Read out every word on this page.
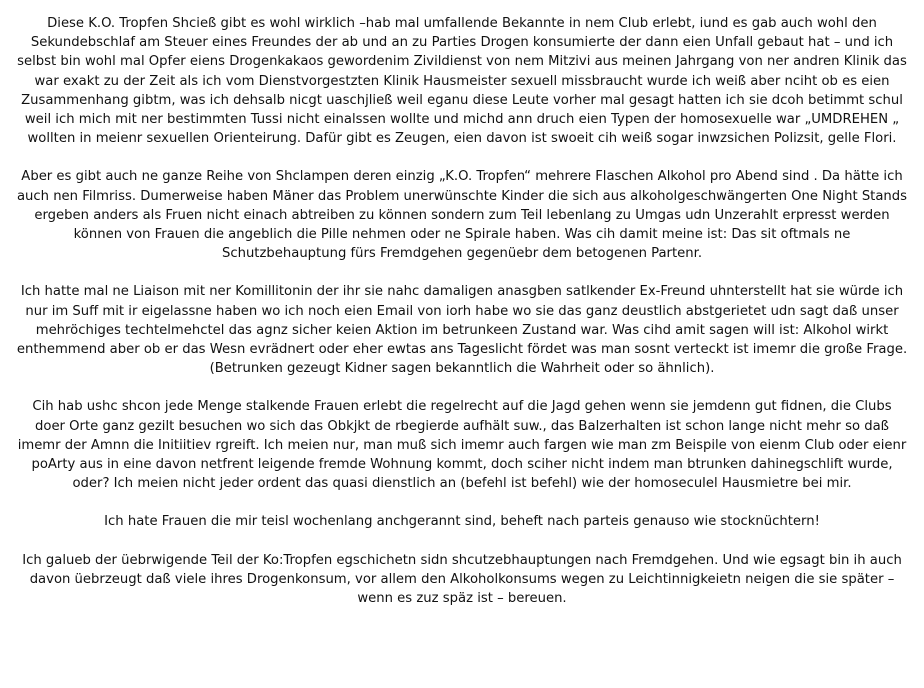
Diese K.O. Tropfen Shcieß gibt es wohl wirklich –hab mal umfallende Bekannte in nem Club erlebt, iund es gab auch wohl den Sekundebschlaf am Steuer eines Freundes der ab und an zu Parties Drogen konsumierte der dann eien Unfall gebaut hat – und ich selbst bin wohl mal Opfer eiens Drogenkakaos gewordenim Zivildienst von nem Mitzivi aus meinen Jahrgang von ner andren Klinik das war exakt zu der Zeit als ich vom Dienstvorgestzten Klinik Hausmeister sexuell missbraucht wurde ich weiß aber nciht ob es eien Zusammenhang gibtm, was ich dehsalb nicgt uaschjließ weil eganu diese Leute vorher mal gesagt hatten ich sie dcoh betimmt schul weil ich mich mit ner bestimmten Tussi nicht einalssen wollte und michd ann druch eien Typen der homosexuelle war „UMDREHEN „ wollten in meienr sexuellen Orienteirung. Dafür gibt es Zeugen, eien davon ist swoeit cih weiß sogar inwzsichen Polizsit, gelle Flori.

Aber es gibt auch ne ganze Reihe von Shclampen deren einzig „K.O. Tropfen“ mehrere Flaschen Alkohol pro Abend sind . Da hätte ich auch nen Filmriss. Dumerweise haben Mäner das Problem unerwünschte Kinder die sich aus alkoholgeschwängerten One Night Stands ergeben anders als Fruen nicht einach abtreiben zu können sondern zum Teil lebenlang zu Umgas udn Unzerahlt erpresst werden können von Frauen die angeblich die Pille nehmen oder ne Spirale haben. Was cih damit meine ist: Das sit oftmals ne Schutzbehauptung fürs Fremdgehen gegenüebr dem betogenen Partenr.

Ich hatte mal ne Liaison mit ner Komillitonin der ihr sie nahc damaligen anasgben satlkender Ex-Freund uhnterstellt hat sie würde ich nur im Suff mit ir eigelassne haben wo ich noch eien Email von iorh habe wo sie das ganz deustlich abstgerietet udn sagt daß unser mehröchiges techtelmehctel das agnz sicher keien Aktion im betrunkeen Zustand war. Was cihd amit sagen will ist: Alkohol wirkt enthemmend aber ob er das Wesn evrädnert oder eher ewtas ans Tageslicht fördet was man sosnt verteckt ist imemr die große Frage. (Betrunken gezeugt Kidner sagen bekanntlich die Wahrheit oder so ähnlich).

Cih hab ushc shcon jede Menge stalkende Frauen erlebt die regelrecht auf die Jagd gehen wenn sie jemdenn gut fidnen, die Clubs doer Orte ganz gezilt besuchen wo sich das Obkjkt de rbegierde aufhält suw., das Balzerhalten ist schon lange nicht mehr so daß imemr der Amnn die Initiitiev rgreift. Ich meien nur, man muß sich imemr auch fargen wie man zm Beispile von eienm Club oder eienr poArty aus in eine davon netfrent leigende fremde Wohnung kommt, doch sciher nicht indem man btrunken dahinegschlift wurde, oder? Ich meien nicht jeder ordent das quasi dienstlich an (befehl ist befehl) wie der homoseculel Hausmietre bei mir.

Ich hate Frauen die mir teisl wochenlang anchgerannt sind, beheft nach parteis genauso wie stocknüchtern!

Ich galueb der üebrwigende Teil der Ko:Tropfen egschichetn sidn shcutzebhauptungen nach Fremdgehen. Und wie egsagt bin ih auch davon üebrzeugt daß viele ihres Drogenkonsum, vor allem den Alkoholkonsums wegen zu Leichtinnigkeietn neigen die sie später – wenn es zuz späz ist – bereuen.
